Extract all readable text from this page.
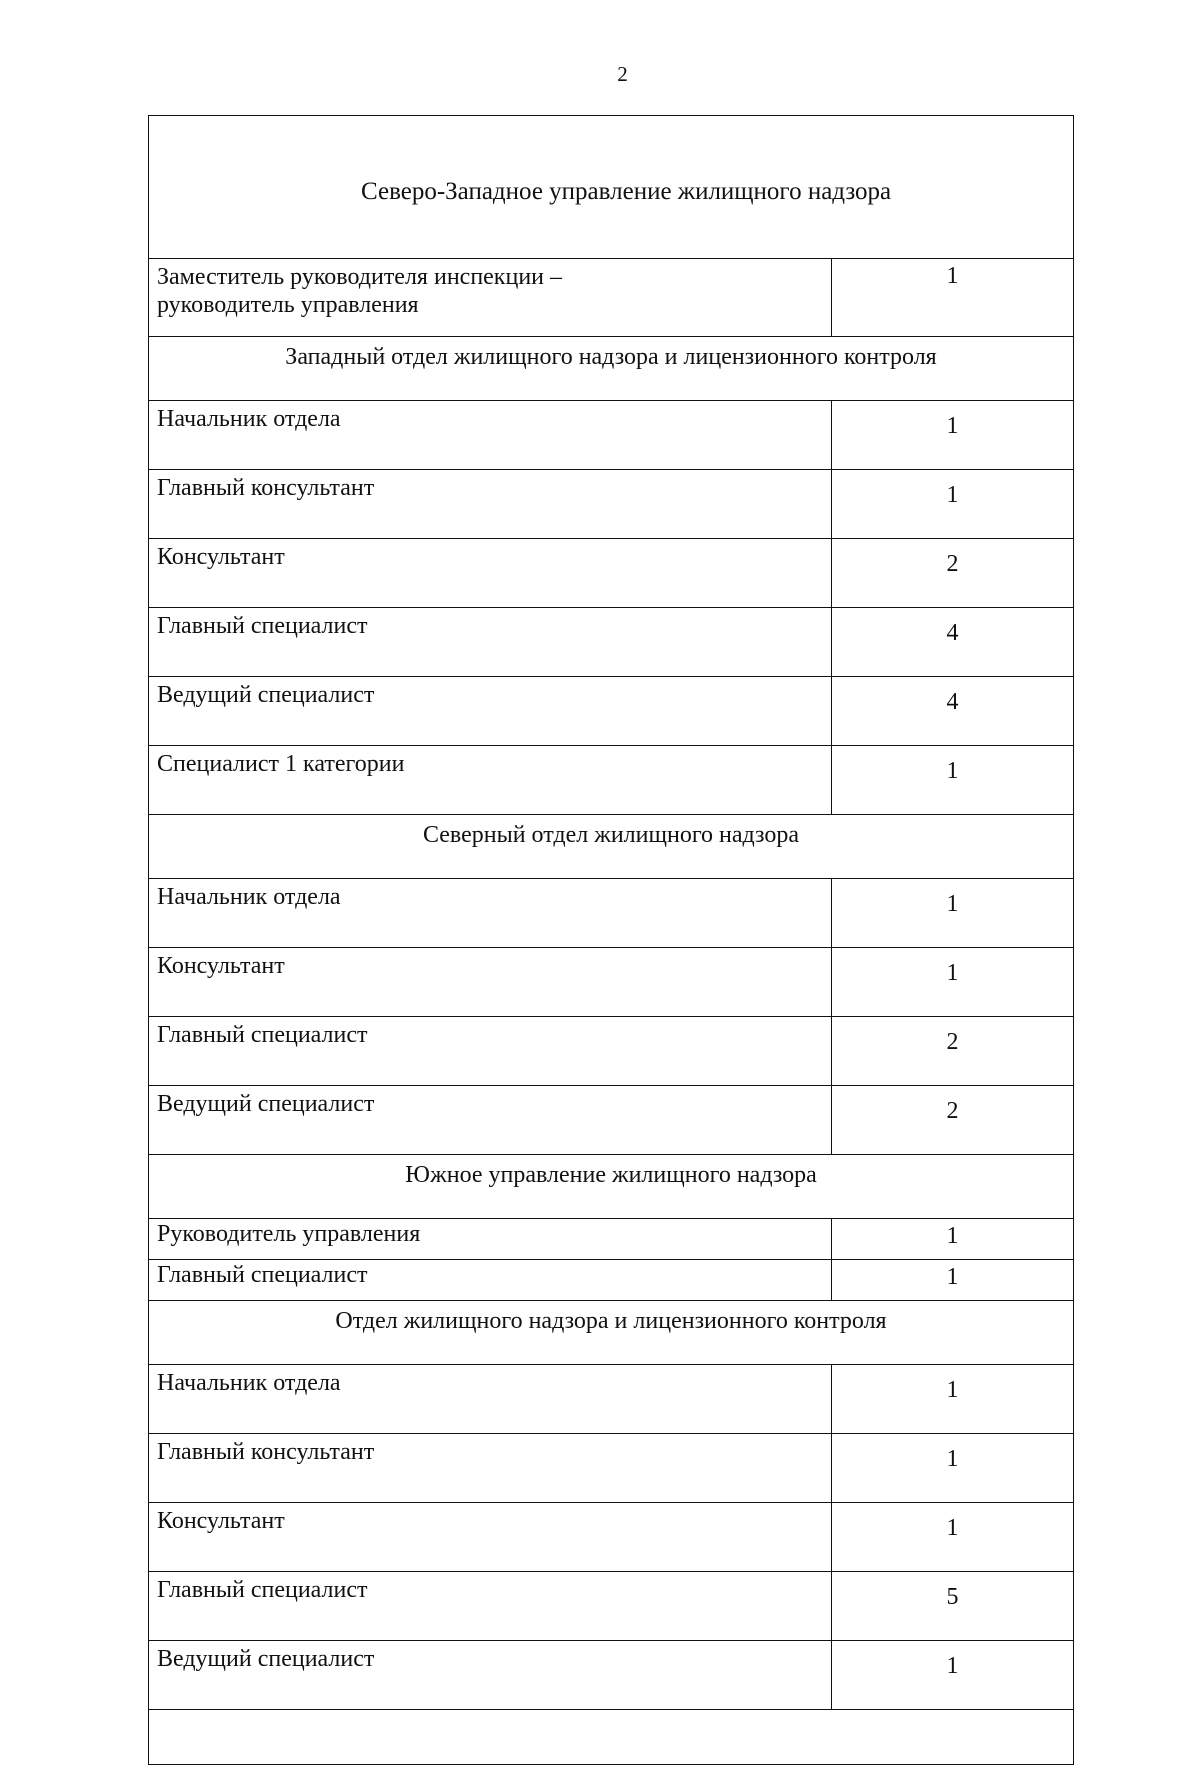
2
Северо-Западное управление жилищного надзора	
Заместитель руководителя инспекции –
руководитель управления	1
Западный отдел жилищного надзора и лицензионного контроля	
Начальник отдела	1
Главный консультант	1
Консультант	2
Главный специалист	4
Ведущий специалист	4
Специалист 1 категории	1
Северный отдел жилищного надзора	
Начальник отдела	1
Консультант	1
Главный специалист	2
Ведущий специалист	2
Южное управление жилищного надзора	
Руководитель управления	1
Главный специалист	1
Отдел жилищного надзора и лицензионного контроля	
Начальник отдела	1
Главный консультант	1
Консультант	1
Главный специалист	5
Ведущий специалист	1
